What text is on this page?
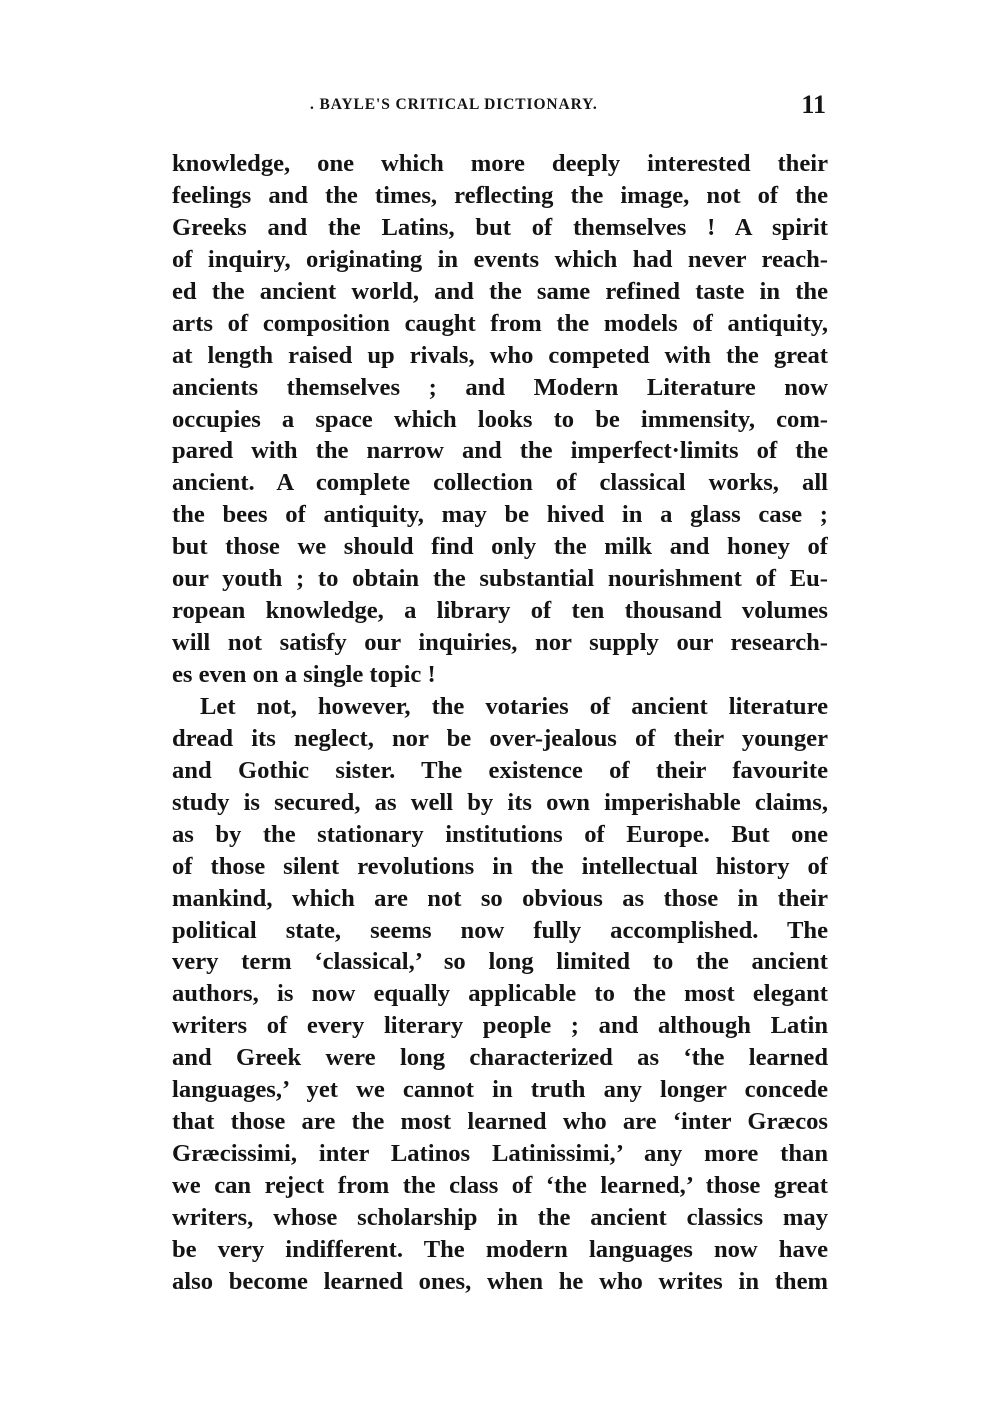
. BAYLE'S CRITICAL DICTIONARY.	11
knowledge, one which more deeply interested their
feelings and the times, reflecting the image, not of the
Greeks and the Latins, but of themselves ! A spirit
of inquiry, originating in events which had never reach-
ed the ancient world, and the same refined taste in the
arts of composition caught from the models of antiquity,
at length raised up rivals, who competed with the great
ancients themselves ; and Modern Literature now
occupies a space which looks to be immensity, com-
pared with the narrow and the imperfect·limits of the
ancient. A complete collection of classical works, all
the bees of antiquity, may be hived in a glass case ;
but those we should find only the milk and honey of
our youth ; to obtain the substantial nourishment of Eu-
ropean knowledge, a library of ten thousand volumes
will not satisfy our inquiries, nor supply our research-
es even on a single topic !
Let not, however, the votaries of ancient literature
dread its neglect, nor be over-jealous of their younger
and Gothic sister. The existence of their favourite
study is secured, as well by its own imperishable claims,
as by the stationary institutions of Europe. But one
of those silent revolutions in the intellectual history of
mankind, which are not so obvious as those in their
political state, seems now fully accomplished. The
very term ‘classical,’ so long limited to the ancient
authors, is now equally applicable to the most elegant
writers of every literary people ; and although Latin
and Greek were long characterized as ‘the learned
languages,’ yet we cannot in truth any longer concede
that those are the most learned who are ‘inter Græcos
Græcissimi, inter Latinos Latinissimi,’ any more than
we can reject from the class of ‘the learned,’ those great
writers, whose scholarship in the ancient classics may
be very indifferent. The modern languages now have
also become learned ones, when he who writes in them
